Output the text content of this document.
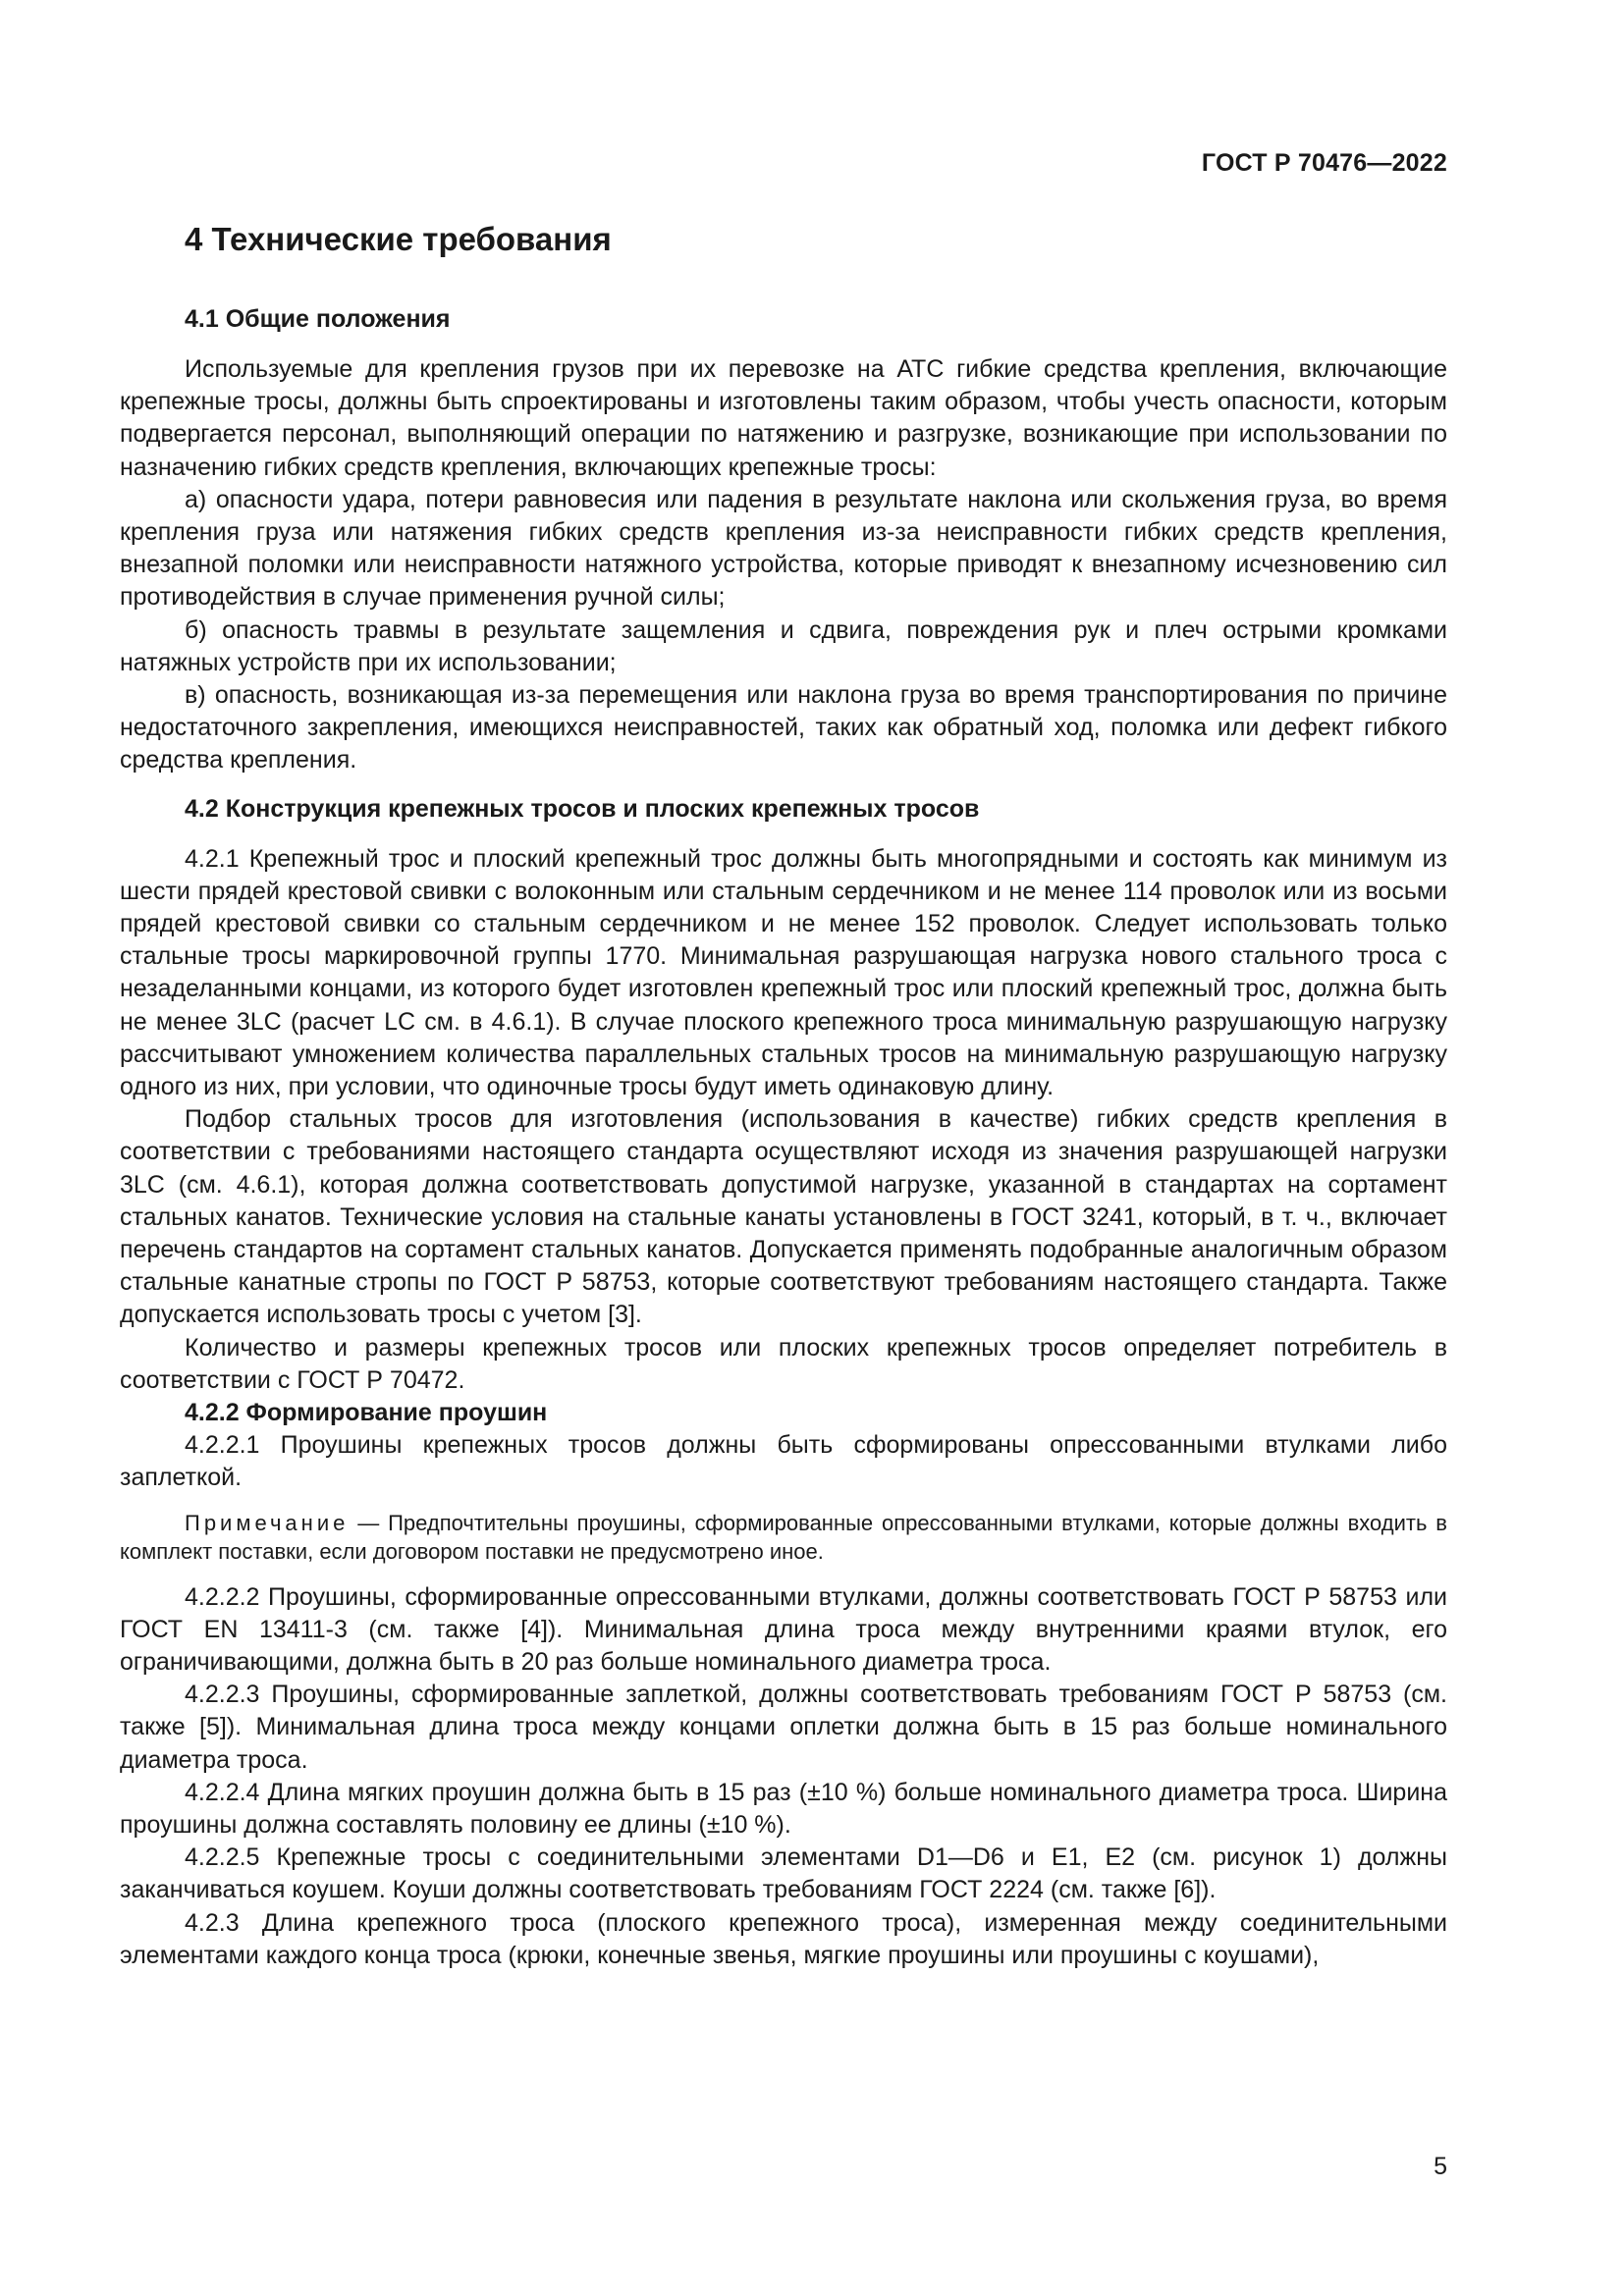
ГОСТ Р 70476—2022
4 Технические требования
4.1 Общие положения

Используемые для крепления грузов при их перевозке на АТС гибкие средства крепления, включающие крепежные тросы, должны быть спроектированы и изготовлены таким образом, чтобы учесть опасности, которым подвергается персонал, выполняющий операции по натяжению и разгрузке, возникающие при использовании по назначению гибких средств крепления, включающих крепежные тросы:

а) опасности удара, потери равновесия или падения в результате наклона или скольжения груза, во время крепления груза или натяжения гибких средств крепления из-за неисправности гибких средств крепления, внезапной поломки или неисправности натяжного устройства, которые приводят к внезапному исчезновению сил противодействия в случае применения ручной силы;

б) опасность травмы в результате защемления и сдвига, повреждения рук и плеч острыми кромками натяжных устройств при их использовании;

в) опасность, возникающая из-за перемещения или наклона груза во время транспортирования по причине недостаточного закрепления, имеющихся неисправностей, таких как обратный ход, поломка или дефект гибкого средства крепления.

4.2 Конструкция крепежных тросов и плоских крепежных тросов

4.2.1 Крепежный трос и плоский крепежный трос должны быть многопрядными и состоять как минимум из шести прядей крестовой свивки с волоконным или стальным сердечником и не менее 114 проволок или из восьми прядей крестовой свивки со стальным сердечником и не менее 152 проволок. Следует использовать только стальные тросы маркировочной группы 1770. Минимальная разрушающая нагрузка нового стального троса с незаделанными концами, из которого будет изготовлен крепежный трос или плоский крепежный трос, должна быть не менее 3LC (расчет LC см. в 4.6.1). В случае плоского крепежного троса минимальную разрушающую нагрузку рассчитывают умножением количества параллельных стальных тросов на минимальную разрушающую нагрузку одного из них, при условии, что одиночные тросы будут иметь одинаковую длину.

Подбор стальных тросов для изготовления (использования в качестве) гибких средств крепления в соответствии с требованиями настоящего стандарта осуществляют исходя из значения разрушающей нагрузки 3LC (см. 4.6.1), которая должна соответствовать допустимой нагрузке, указанной в стандартах на сортамент стальных канатов. Технические условия на стальные канаты установлены в ГОСТ 3241, который, в т. ч., включает перечень стандартов на сортамент стальных канатов. Допускается применять подобранные аналогичным образом стальные канатные стропы по ГОСТ Р 58753, которые соответствуют требованиям настоящего стандарта. Также допускается использовать тросы с учетом [3].

Количество и размеры крепежных тросов или плоских крепежных тросов определяет потребитель в соответствии с ГОСТ Р 70472.

4.2.2 Формирование проушин

4.2.2.1 Проушины крепежных тросов должны быть сформированы опрессованными втулками либо заплеткой.

Примечание — Предпочтительны проушины, сформированные опрессованными втулками, которые должны входить в комплект поставки, если договором поставки не предусмотрено иное.

4.2.2.2 Проушины, сформированные опрессованными втулками, должны соответствовать ГОСТ Р 58753 или ГОСТ EN 13411-3 (см. также [4]). Минимальная длина троса между внутренними краями втулок, его ограничивающими, должна быть в 20 раз больше номинального диаметра троса.

4.2.2.3 Проушины, сформированные заплеткой, должны соответствовать требованиям ГОСТ Р 58753 (см. также [5]). Минимальная длина троса между концами оплетки должна быть в 15 раз больше номинального диаметра троса.

4.2.2.4 Длина мягких проушин должна быть в 15 раз (±10 %) больше номинального диаметра троса. Ширина проушины должна составлять половину ее длины (±10 %).

4.2.2.5 Крепежные тросы с соединительными элементами D1—D6 и E1, E2 (см. рисунок 1) должны заканчиваться коушем. Коуши должны соответствовать требованиям ГОСТ 2224 (см. также [6]).

4.2.3 Длина крепежного троса (плоского крепежного троса), измеренная между соединительными элементами каждого конца троса (крюки, конечные звенья, мягкие проушины или проушины с коушами),

5
